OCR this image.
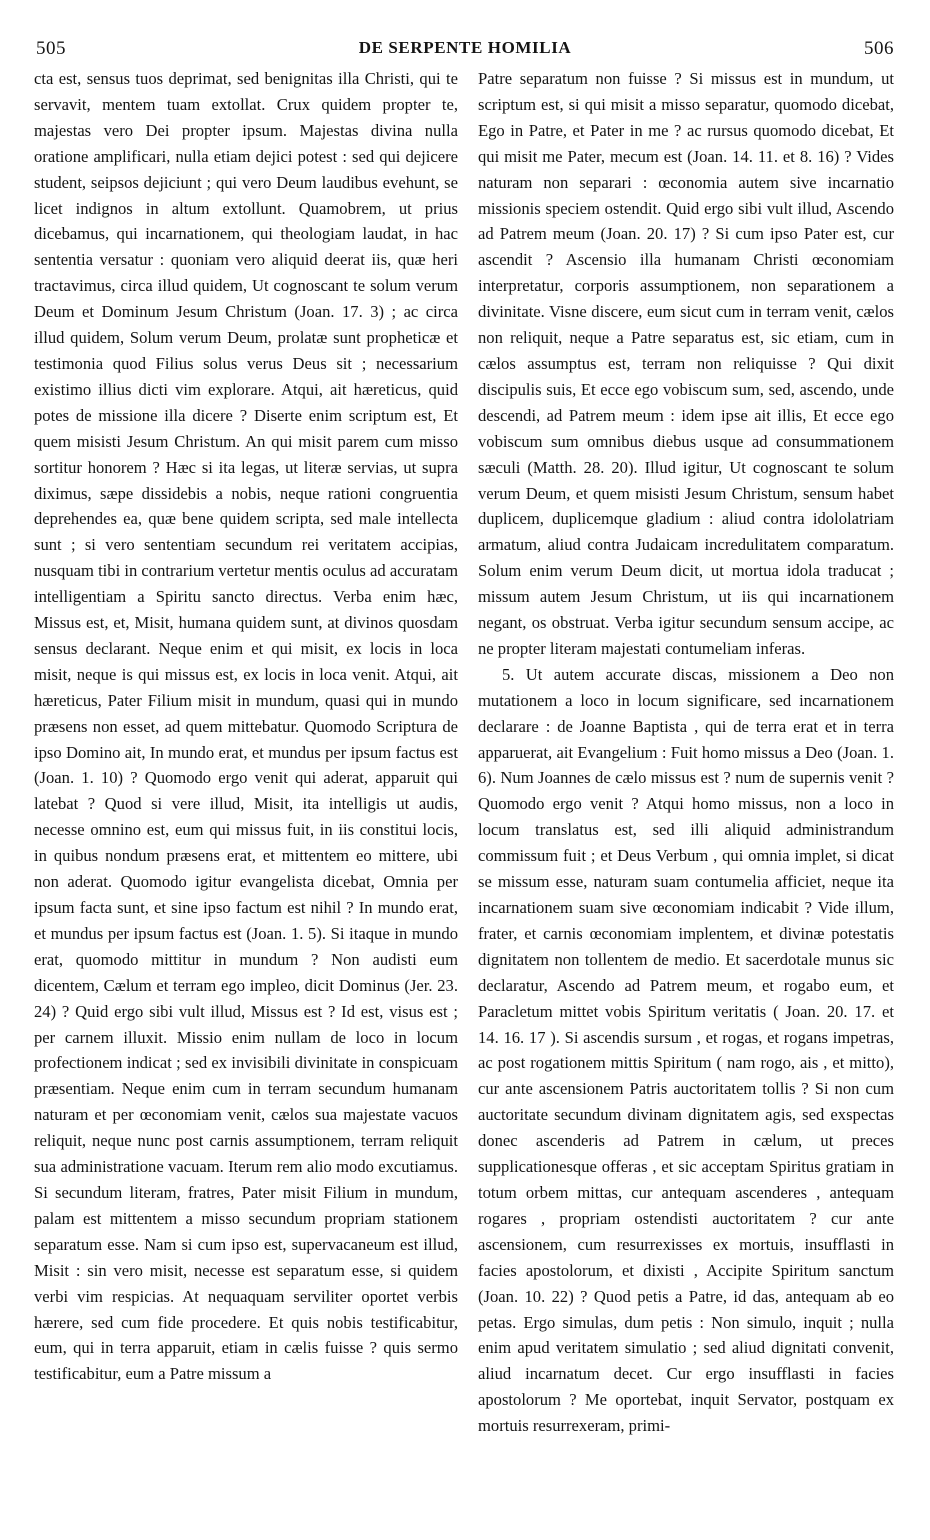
505	DE SERPENTE HOMILIA	506

cta est, sensus tuos deprimat, sed benignitas illa Christi, qui te servavit, mentem tuam extollat. Crux quidem propter te, majestas vero Dei propter ipsum. Majestas divina nulla oratione amplificari, nulla etiam dejici potest : sed qui dejicere student, seipsos dejiciunt ; qui vero Deum laudibus evehunt, se licet indignos in altum extollunt. Quamobrem, ut prius dicebamus, qui incarnationem, qui theologiam laudat, in hac sententia versatur : quoniam vero aliquid deerat iis, quæ heri tractavimus, circa illud quidem, Ut cognoscant te solum verum Deum et Dominum Jesum Christum (Joan. 17. 3) ; ac circa illud quidem, Solum verum Deum, prolatæ sunt propheticæ et testimonia quod Filius solus verus Deus sit ; necessarium existimo illius dicti vim explorare. Atqui, ait hæreticus, quid potes de missione illa dicere ? Diserte enim scriptum est, Et quem misisti Jesum Christum. An qui misit parem cum misso sortitur honorem ? Hæc si ita legas, ut literæ servias, ut supra diximus, sæpe dissidebis a nobis, neque rationi congruentia deprehendes ea, quæ bene quidem scripta, sed male intellecta sunt ; si vero sententiam secundum rei veritatem accipias, nusquam tibi in contrarium vertetur mentis oculus ad accuratam intelligentiam a Spiritu sancto directus. Verba enim hæc, Missus est, et, Misit, humana quidem sunt, at divinos quosdam sensus declarant. Neque enim et qui misit, ex locis in loca misit, neque is qui missus est, ex locis in loca venit. Atqui, ait hæreticus, Pater Filium misit in mundum, quasi qui in mundo præsens non esset, ad quem mittebatur. Quomodo Scriptura de ipso Domino ait, In mundo erat, et mundus per ipsum factus est (Joan. 1. 10) ? Quomodo ergo venit qui aderat, apparuit qui latebat ? Quod si vere illud, Misit, ita intelligis ut audis, necesse omnino est, eum qui missus fuit, in iis constitui locis, in quibus nondum præsens erat, et mittentem eo mittere, ubi non aderat. Quomodo igitur evangelista dicebat, Omnia per ipsum facta sunt, et sine ipso factum est nihil ? In mundo erat, et mundus per ipsum factus est (Joan. 1. 5). Si itaque in mundo erat, quomodo mittitur in mundum ? Non audisti eum dicentem, Cælum et terram ego impleo, dicit Dominus (Jer. 23. 24) ? Quid ergo sibi vult illud, Missus est ? Id est, visus est ; per carnem illuxit. Missio enim nullam de loco in locum profectionem indicat ; sed ex invisibili divinitate in conspicuam præsentiam. Neque enim cum in terram secundum humanam naturam et per œconomiam venit, cælos sua majestate vacuos reliquit, neque nunc post carnis assumptionem, terram reliquit sua administratione vacuam. Iterum rem alio modo excutiamus. Si secundum literam, fratres, Pater misit Filium in mundum, palam est mittentem a misso secundum propriam stationem separatum esse. Nam si cum ipso est, supervacaneum est illud, Misit : sin vero misit, necesse est separatum esse, si quidem verbi vim respicias. At nequaquam serviliter oportet verbis hærere, sed cum fide procedere. Et quis nobis testificabitur, eum, qui in terra apparuit, etiam in cælis fuisse ? quis sermo testificabitur, eum a Patre missum a

Patre separatum non fuisse ? Si missus est in mundum, ut scriptum est, si qui misit a misso separatur, quomodo dicebat, Ego in Patre, et Pater in me ? ac rursus quomodo dicebat, Et qui misit me Pater, mecum est (Joan. 14. 11. et 8. 16) ? Vides naturam non separari : œconomia autem sive incarnatio missionis speciem ostendit. Quid ergo sibi vult illud, Ascendo ad Patrem meum (Joan. 20. 17) ? Si cum ipso Pater est, cur ascendit ? Ascensio illa humanam Christi œconomiam interpretatur, corporis assumptionem, non separationem a divinitate. Visne discere, eum sicut cum in terram venit, cælos non reliquit, neque a Patre separatus est, sic etiam, cum in cælos assumptus est, terram non reliquisse ? Qui dixit discipulis suis, Et ecce ego vobiscum sum, sed, ascendo, unde descendi, ad Patrem meum : idem ipse ait illis, Et ecce ego vobiscum sum omnibus diebus usque ad consummationem sæculi (Matth. 28. 20). Illud igitur, Ut cognoscant te solum verum Deum, et quem misisti Jesum Christum, sensum habet duplicem, duplicemque gladium : aliud contra idololatriam armatum, aliud contra Judaicam incredulitatem comparatum. Solum enim verum Deum dicit, ut mortua idola traducat ; missum autem Jesum Christum, ut iis qui incarnationem negant, os obstruat. Verba igitur secundum sensum accipe, ac ne propter literam majestati contumeliam inferas.

5. Ut autem accurate discas, missionem a Deo non mutationem a loco in locum significare, sed incarnationem declarare : de Joanne Baptista , qui de terra erat et in terra apparuerat, ait Evangelium : Fuit homo missus a Deo (Joan. 1. 6). Num Joannes de cælo missus est ? num de supernis venit ? Quomodo ergo venit ? Atqui homo missus, non a loco in locum translatus est, sed illi aliquid administrandum commissum fuit ; et Deus Verbum , qui omnia implet, si dicat se missum esse, naturam suam contumelia afficiet, neque ita incarnationem suam sive œconomiam indicabit ? Vide illum, frater, et carnis œconomiam implentem, et divinæ potestatis dignitatem non tollentem de medio. Et sacerdotale munus sic declaratur, Ascendo ad Patrem meum, et rogabo eum, et Paracletum mittet vobis Spiritum veritatis ( Joan. 20. 17. et 14. 16. 17 ). Si ascendis sursum , et rogas, et rogans impetras, ac post rogationem mittis Spiritum ( nam rogo, ais , et mitto), cur ante ascensionem Patris auctoritatem tollis ? Si non cum auctoritate secundum divinam dignitatem agis, sed exspectas donec ascenderis ad Patrem in cælum, ut preces supplicationesque offeras , et sic acceptam Spiritus gratiam in totum orbem mittas, cur antequam ascenderes , antequam rogares , propriam ostendisti auctoritatem ? cur ante ascensionem, cum resurrexisses ex mortuis, insufflasti in facies apostolorum, et dixisti , Accipite Spiritum sanctum (Joan. 10. 22) ? Quod petis a Patre, id das, antequam ab eo petas. Ergo simulas, dum petis : Non simulo, inquit ; nulla enim apud veritatem simulatio ; sed aliud dignitati convenit, aliud incarnatum decet. Cur ergo insufflasti in facies apostolorum ? Me oportebat, inquit Servator, postquam ex mortuis resurrexeram, primi-
